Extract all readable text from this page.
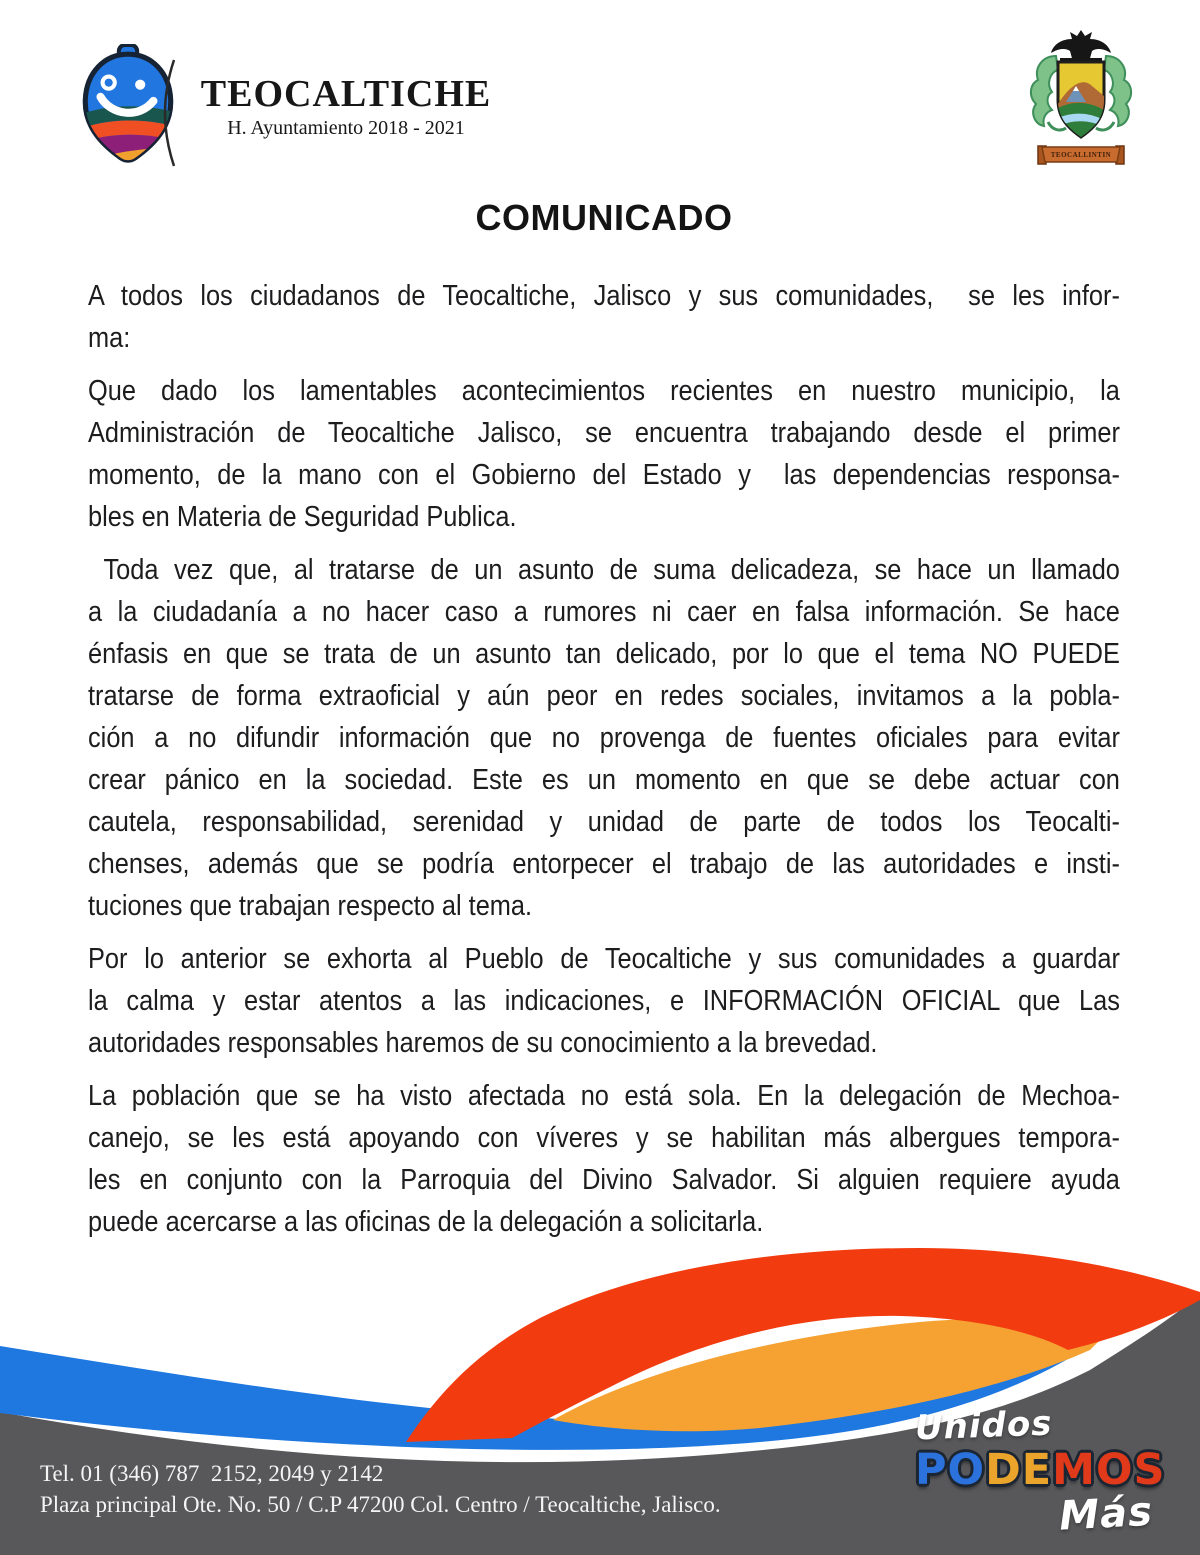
TEOCALTICHE
H. Ayuntamiento 2018 - 2021
TEOCALLINTIN
COMUNICADO
A todos los ciudadanos de Teocaltiche, Jalisco y sus comunidades,  se les infor-
ma:
Que dado los lamentables acontecimientos recientes en nuestro municipio, la
Administración de Teocaltiche Jalisco, se encuentra trabajando desde el primer
momento, de la mano con el Gobierno del Estado y  las dependencias responsa-
bles en Materia de Seguridad Publica.
Toda vez que, al tratarse de un asunto de suma delicadeza, se hace un llamado
a la ciudadanía a no hacer caso a rumores ni caer en falsa información. Se hace
énfasis en que se trata de un asunto tan delicado, por lo que el tema NO PUEDE
tratarse de forma extraoficial y aún peor en redes sociales, invitamos a la pobla-
ción a no difundir información que no provenga de fuentes oficiales para evitar
crear pánico en la sociedad. Este es un momento en que se debe actuar con
cautela, responsabilidad, serenidad y unidad de parte de todos los Teocalti-
chenses, además que se podría entorpecer el trabajo de las autoridades e insti-
tuciones que trabajan respecto al tema.
Por lo anterior se exhorta al Pueblo de Teocaltiche y sus comunidades a guardar
la calma y estar atentos a las indicaciones, e INFORMACIÓN OFICIAL que Las
autoridades responsables haremos de su conocimiento a la brevedad.
La población que se ha visto afectada no está sola. En la delegación de Mechoa-
canejo, se les está apoyando con víveres y se habilitan más albergues tempora-
les en conjunto con la Parroquia del Divino Salvador. Si alguien requiere ayuda
puede acercarse a las oficinas de la delegación a solicitarla.
Tel. 01 (346) 787  2152, 2049 y 2142
Plaza principal Ote. No. 50 / C.P 47200 Col. Centro / Teocaltiche, Jalisco.
Unidos
PODEMOS
Más
